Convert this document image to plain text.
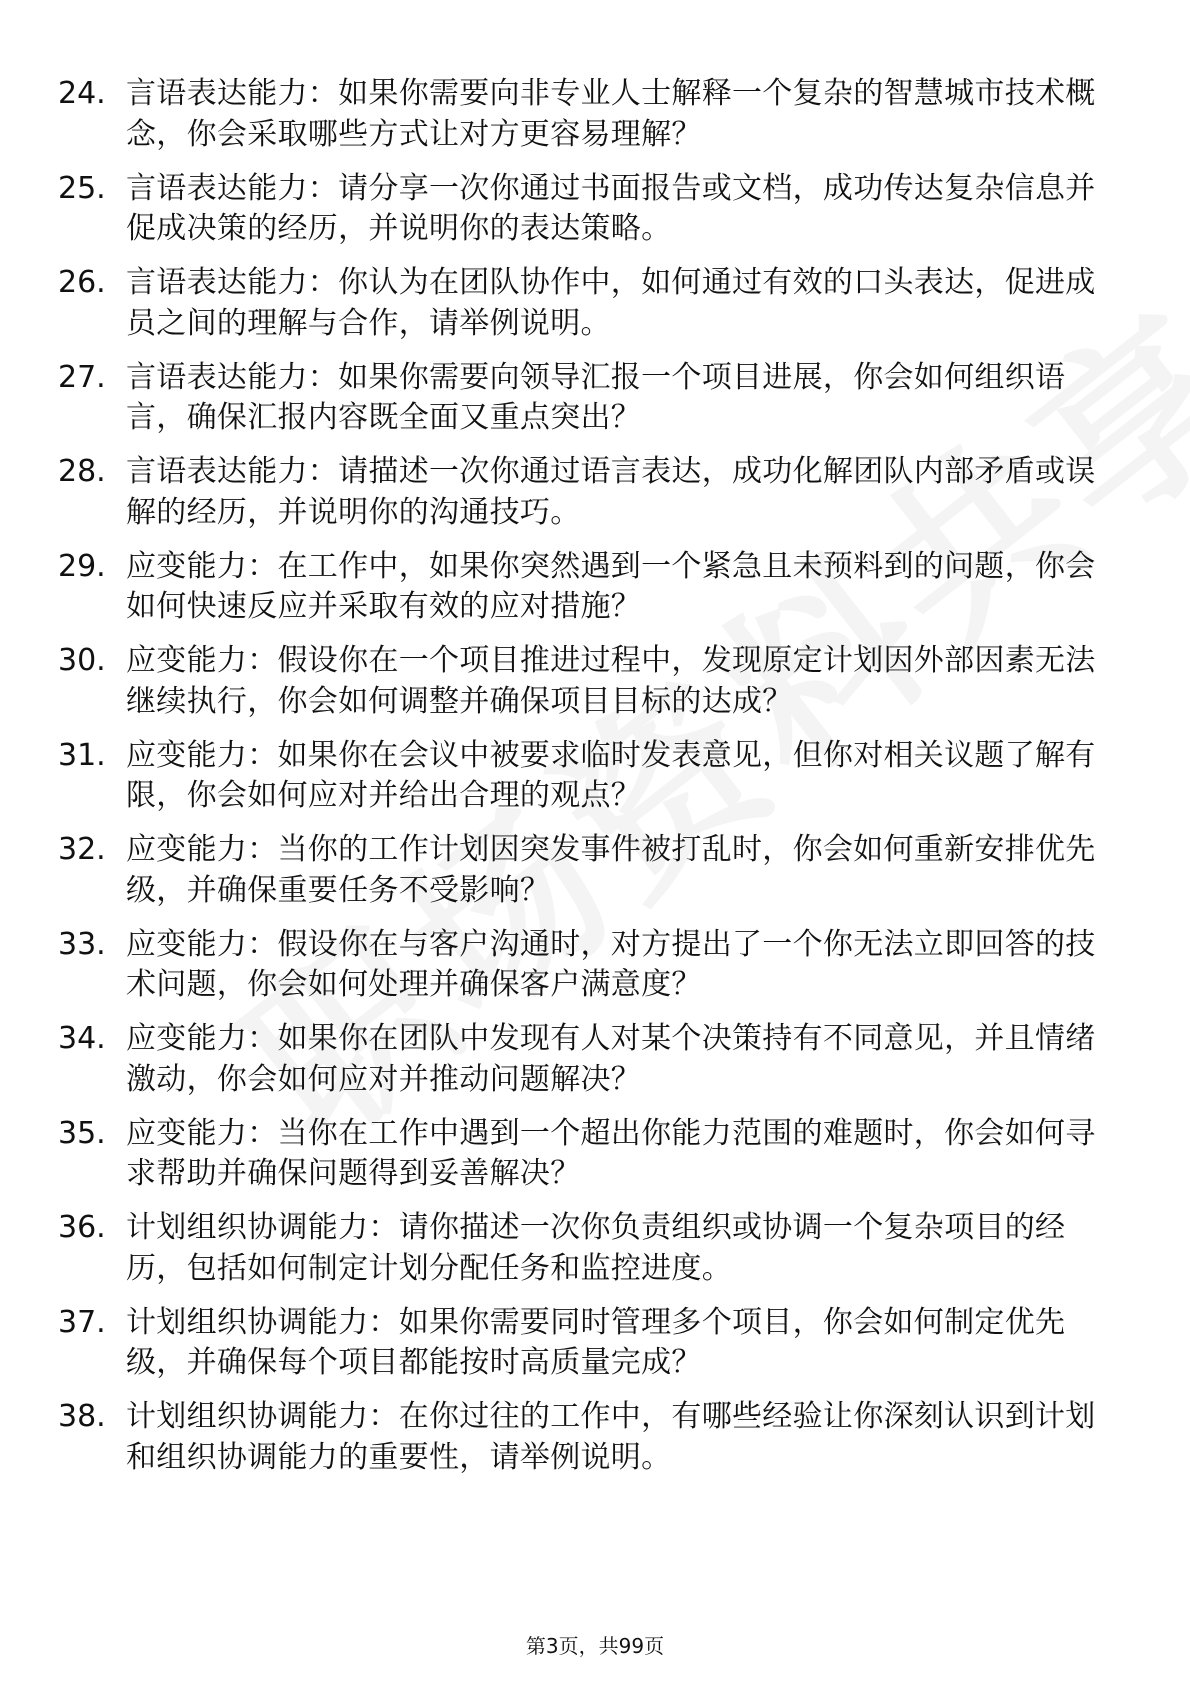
24. 言语表达能力：如果你需要向非专业人士解释一个复杂的智慧城市技术概念，你会采取哪些方式让对方更容易理解？
25. 言语表达能力：请分享一次你通过书面报告或文档，成功传达复杂信息并促成决策的经历，并说明你的表达策略。
26. 言语表达能力：你认为在团队协作中，如何通过有效的口头表达，促进成员之间的理解与合作，请举例说明。
27. 言语表达能力：如果你需要向领导汇报一个项目进展，你会如何组织语言，确保汇报内容既全面又重点突出？
28. 言语表达能力：请描述一次你通过语言表达，成功化解团队内部矛盾或误解的经历，并说明你的沟通技巧。
29. 应变能力：在工作中，如果你突然遇到一个紧急且未预料到的问题，你会如何快速反应并采取有效的应对措施？
30. 应变能力：假设你在一个项目推进过程中，发现原定计划因外部因素无法继续执行，你会如何调整并确保项目目标的达成？
31. 应变能力：如果你在会议中被要求临时发表意见，但你对相关议题了解有限，你会如何应对并给出合理的观点？
32. 应变能力：当你的工作计划因突发事件被打乱时，你会如何重新安排优先级，并确保重要任务不受影响？
33. 应变能力：假设你在与客户沟通时，对方提出了一个你无法立即回答的技术问题，你会如何处理并确保客户满意度？
34. 应变能力：如果你在团队中发现有人对某个决策持有不同意见，并且情绪激动，你会如何应对并推动问题解决？
35. 应变能力：当你在工作中遇到一个超出你能力范围的难题时，你会如何寻求帮助并确保问题得到妥善解决？
36. 计划组织协调能力：请你描述一次你负责组织或协调一个复杂项目的经历，包括如何制定计划分配任务和监控进度。
37. 计划组织协调能力：如果你需要同时管理多个项目，你会如何制定优先级，并确保每个项目都能按时高质量完成？
38. 计划组织协调能力：在你过往的工作中，有哪些经验让你深刻认识到计划和组织协调能力的重要性，请举例说明。
第3页，共99页
